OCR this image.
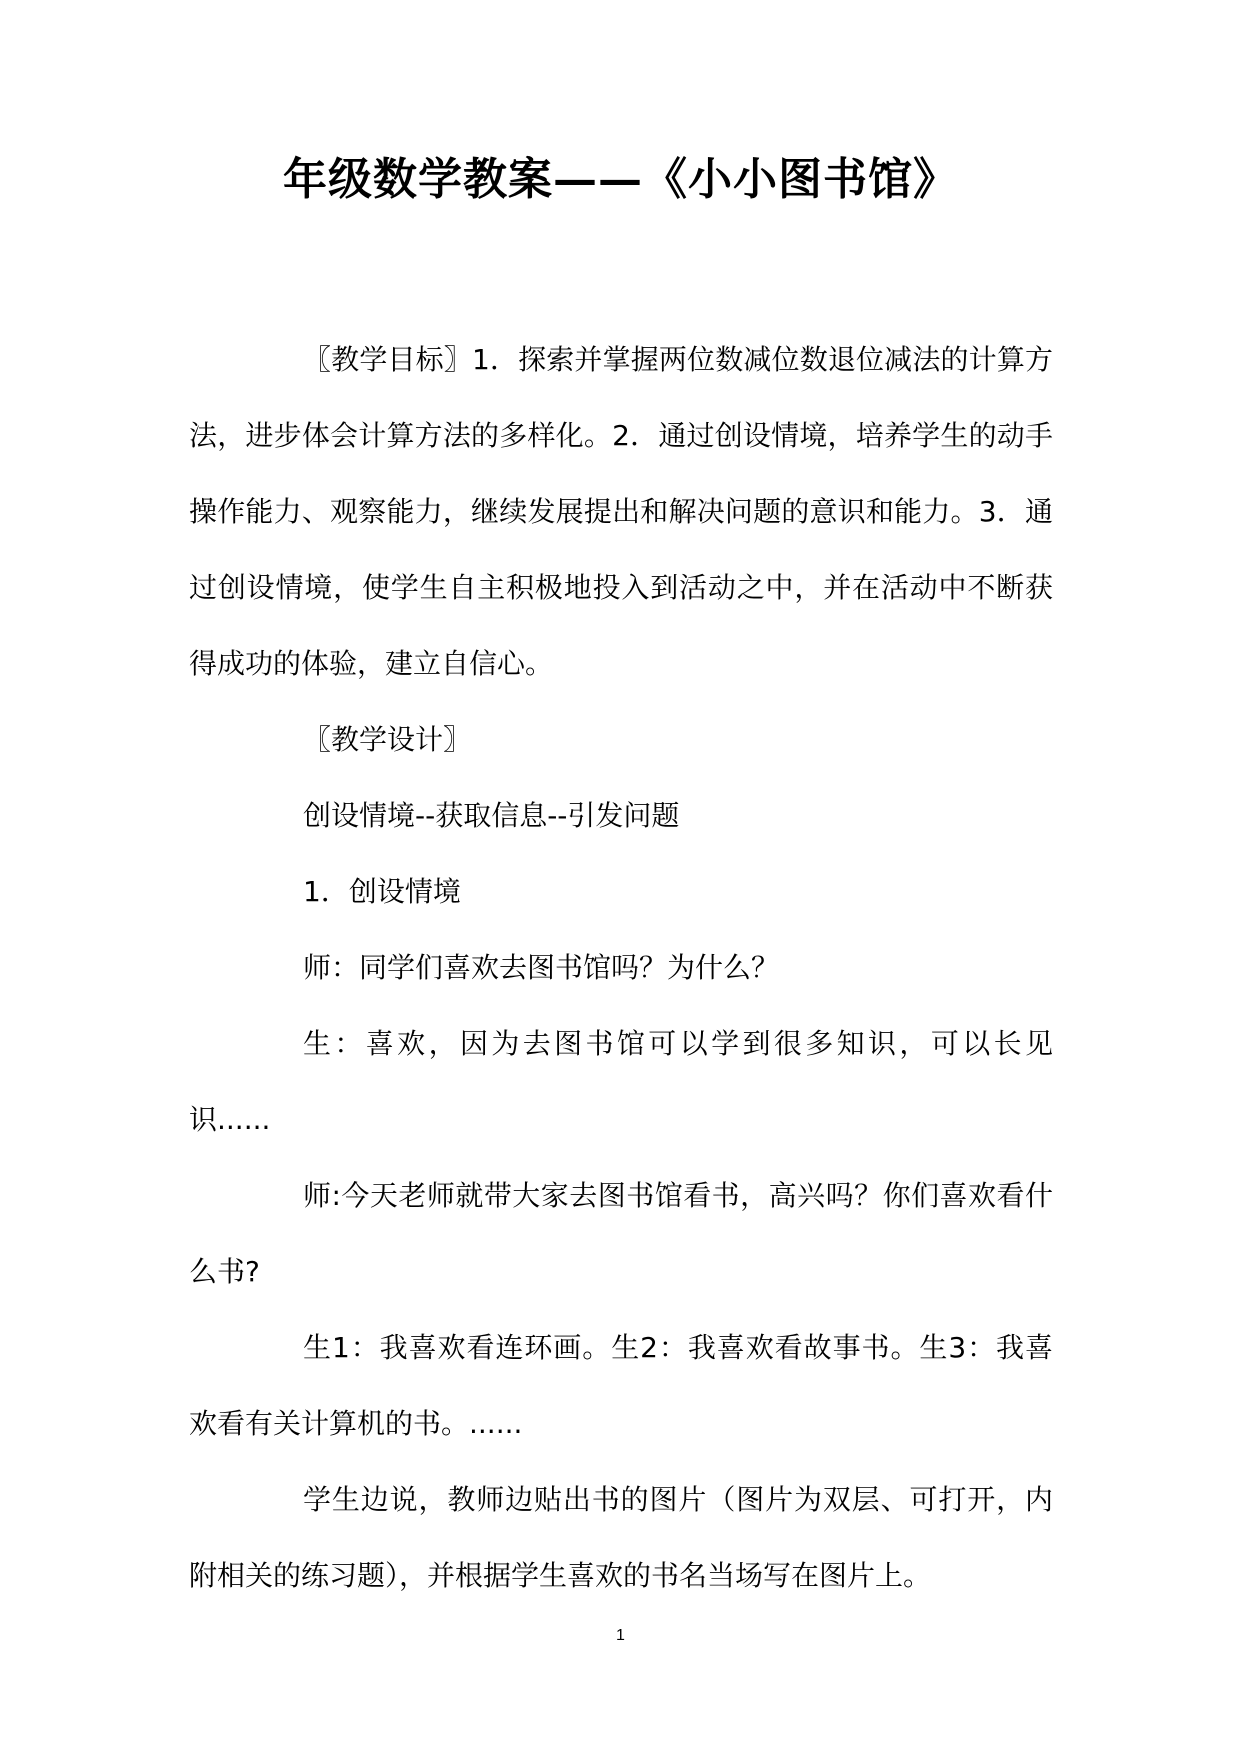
年级数学教案——《小小图书馆》

〖教学目标〗1．探索并掌握两位数减位数退位减法的计算方法，进步体会计算方法的多样化。2．通过创设情境，培养学生的动手操作能力、观察能力，继续发展提出和解决问题的意识和能力。3．通过创设情境，使学生自主积极地投入到活动之中，并在活动中不断获得成功的体验，建立自信心。

〖教学设计〗

创设情境--获取信息--引发问题

1．创设情境

师：同学们喜欢去图书馆吗？为什么？

生：喜欢，因为去图书馆可以学到很多知识，可以长见识......

师:今天老师就带大家去图书馆看书，高兴吗？你们喜欢看什么书?

生1：我喜欢看连环画。生2：我喜欢看故事书。生3：我喜欢看有关计算机的书。......

学生边说，教师边贴出书的图片（图片为双层、可打开，内附相关的练习题），并根据学生喜欢的书名当场写在图片上。

1
